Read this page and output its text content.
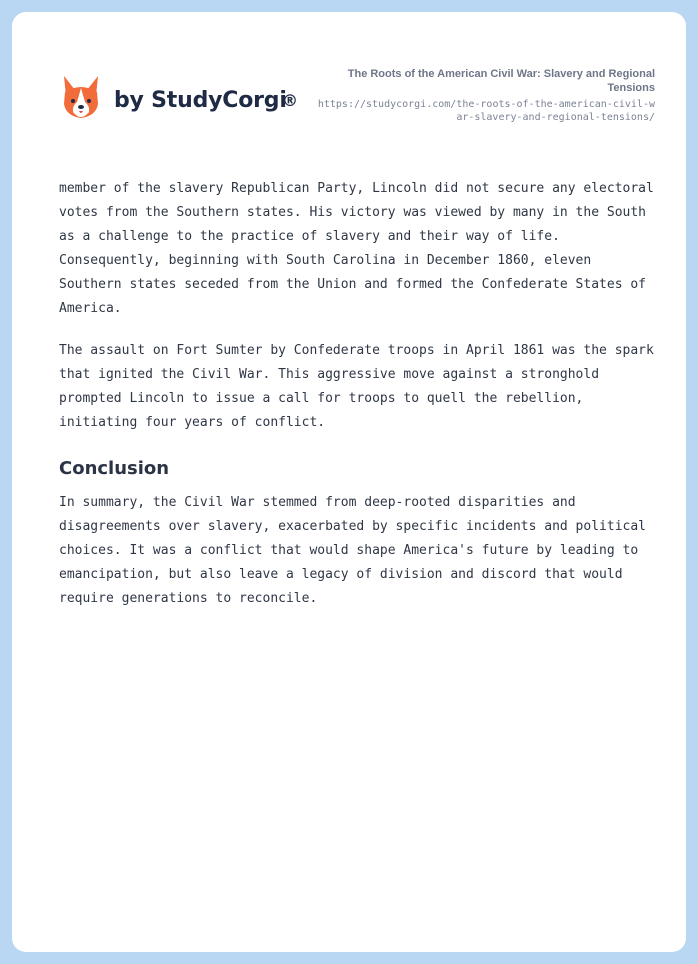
by StudyCorgi
®

The Roots of the American Civil War: Slavery and Regional Tensions

https://studycorgi.com/the-roots-of-the-american-civil-war-slavery-and-regional-tensions/

member of the slavery Republican Party, Lincoln did not secure any electoral votes from the Southern states. His victory was viewed by many in the South as a challenge to the practice of slavery and their way of life. Consequently, beginning with South Carolina in December 1860, eleven Southern states seceded from the Union and formed the Confederate States of America.

The assault on Fort Sumter by Confederate troops in April 1861 was the spark that ignited the Civil War. This aggressive move against a stronghold prompted Lincoln to issue a call for troops to quell the rebellion, initiating four years of conflict.

Conclusion

In summary, the Civil War stemmed from deep-rooted disparities and disagreements over slavery, exacerbated by specific incidents and political choices. It was a conflict that would shape America's future by leading to emancipation, but also leave a legacy of division and discord that would require generations to reconcile.
